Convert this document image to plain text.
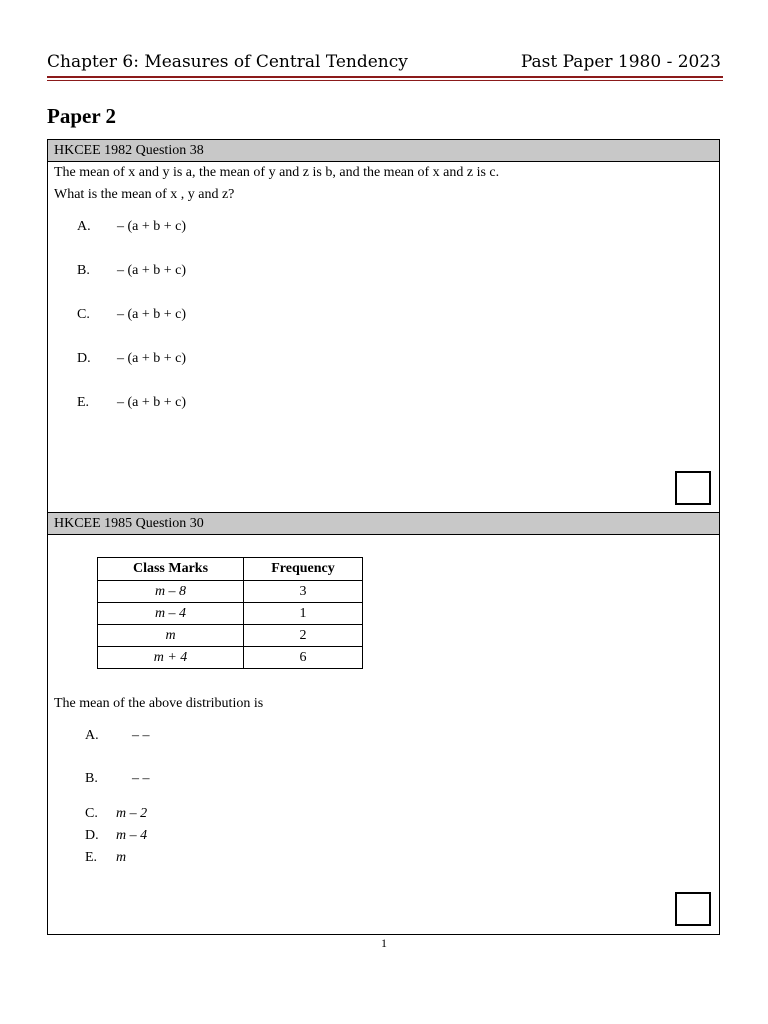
Chapter 6: Measures of Central Tendency	Past Paper 1980 - 2023
Paper 2
HKCEE 1982 Question 38
The mean of x and y is a, the mean of y and z is b, and the mean of x and z is c.
What is the mean of x , y and z?
A. – (a + b + c)
B. – (a + b + c)
C. – (a + b + c)
D. – (a + b + c)
E. – (a + b + c)
HKCEE 1985 Question 30
Class Marks	Frequency
m – 8	3
m – 4	1
m	2
m + 4	6
The mean of the above distribution is
A. – –
B. – –
C. m – 2
D. m – 4
E. m
1
